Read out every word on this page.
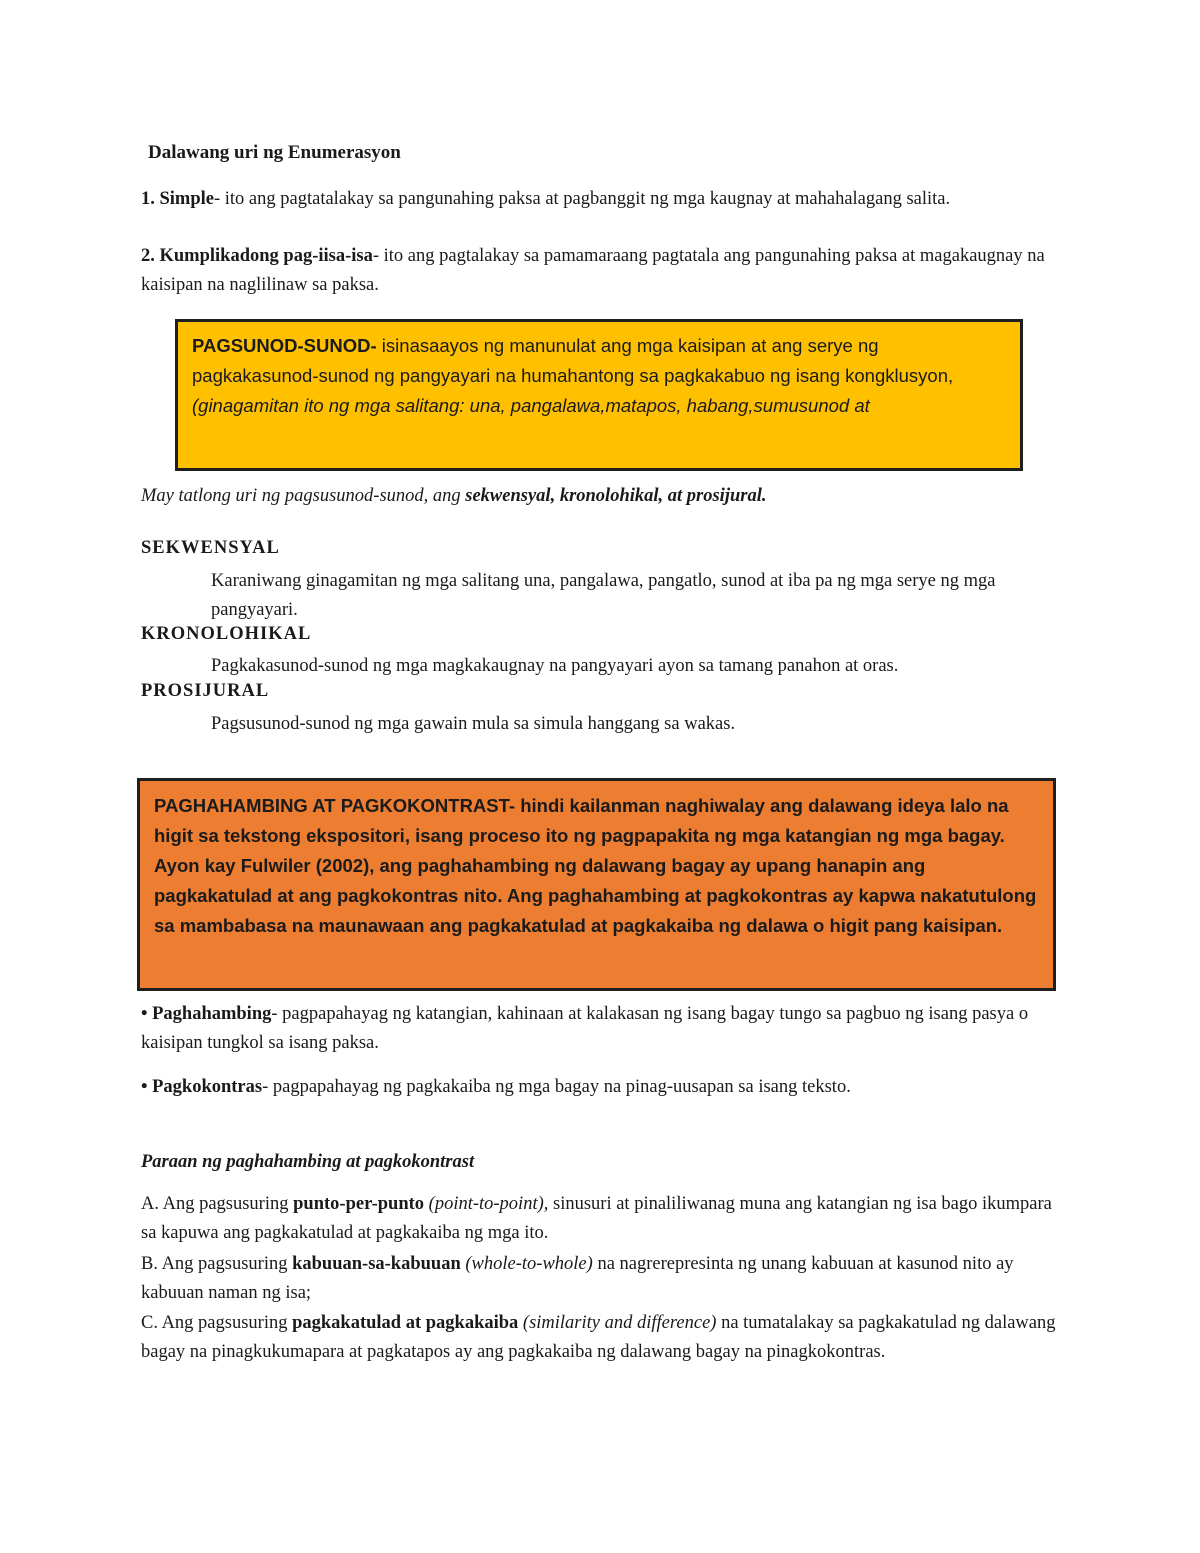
Dalawang uri ng Enumerasyon
1. Simple- ito ang pagtatalakay sa pangunahing paksa at pagbanggit ng mga kaugnay at mahahalagang salita.
2. Kumplikadong pag-iisa-isa- ito ang pagtalakay sa pamamaraang pagtatala ang pangunahing paksa at magakaugnay na kaisipan na naglilinaw sa paksa.
PAGSUNOD-SUNOD- isinasaayos ng manunulat ang mga kaisipan at ang serye ng pagkakasunod-sunod ng pangyayari na humahantong sa pagkakabuo ng isang kongklusyon,(ginagamitan ito ng mga salitang: una, pangalawa,matapos, habang,sumusunod at
May tatlong uri ng pagsusunod-sunod, ang sekwensyal, kronolohikal, at prosijural.
SEKWENSYAL
Karaniwang ginagamitan ng mga salitang una, pangalawa, pangatlo, sunod at iba pa ng mga serye ng mga pangyayari.
KRONOLOHIKAL
Pagkakasunod-sunod ng mga magkakaugnay na pangyayari ayon sa tamang panahon at oras.
PROSIJURAL
Pagsusunod-sunod ng mga gawain mula sa simula hanggang sa wakas.
PAGHAHAMBING AT PAGKOKONTRAST- hindi kailanman naghiwalay ang dalawang ideya lalo na higit sa tekstong ekspositori, isang proceso ito ng pagpapakita ng mga katangian ng mga bagay. Ayon kay Fulwiler (2002), ang paghahambing ng dalawang bagay ay upang hanapin ang pagkakatulad at ang pagkokontras nito. Ang paghahambing at pagkokontras ay kapwa nakatutulong sa mambabasa na maunawaan ang pagkakatulad at pagkakaiba ng dalawa o higit pang kaisipan.
• Paghahambing- pagpapahayag ng katangian, kahinaan at kalakasan ng isang bagay tungo sa pagbuo ng isang pasya o kaisipan tungkol sa isang paksa.
• Pagkokontras- pagpapahayag ng pagkakaiba ng mga bagay na pinag-uusapan sa isang teksto.
Paraan ng paghahambing at pagkokontrast
A. Ang pagsusuring punto-per-punto (point-to-point), sinusuri at pinaliliwanag muna ang katangian ng isa bago ikumpara sa kapuwa ang pagkakatulad at pagkakaiba ng mga ito.
B. Ang pagsusuring kabuuan-sa-kabuuan (whole-to-whole) na nagrerepresinta ng unang kabuuan at kasunod nito ay kabuuan naman ng isa;
C. Ang pagsusuring pagkakatulad at pagkakaiba (similarity and difference) na tumatalakay sa pagkakatulad ng dalawang bagay na pinagkukumapara at pagkatapos ay ang pagkakaiba ng dalawang bagay na pinagkokontras.
